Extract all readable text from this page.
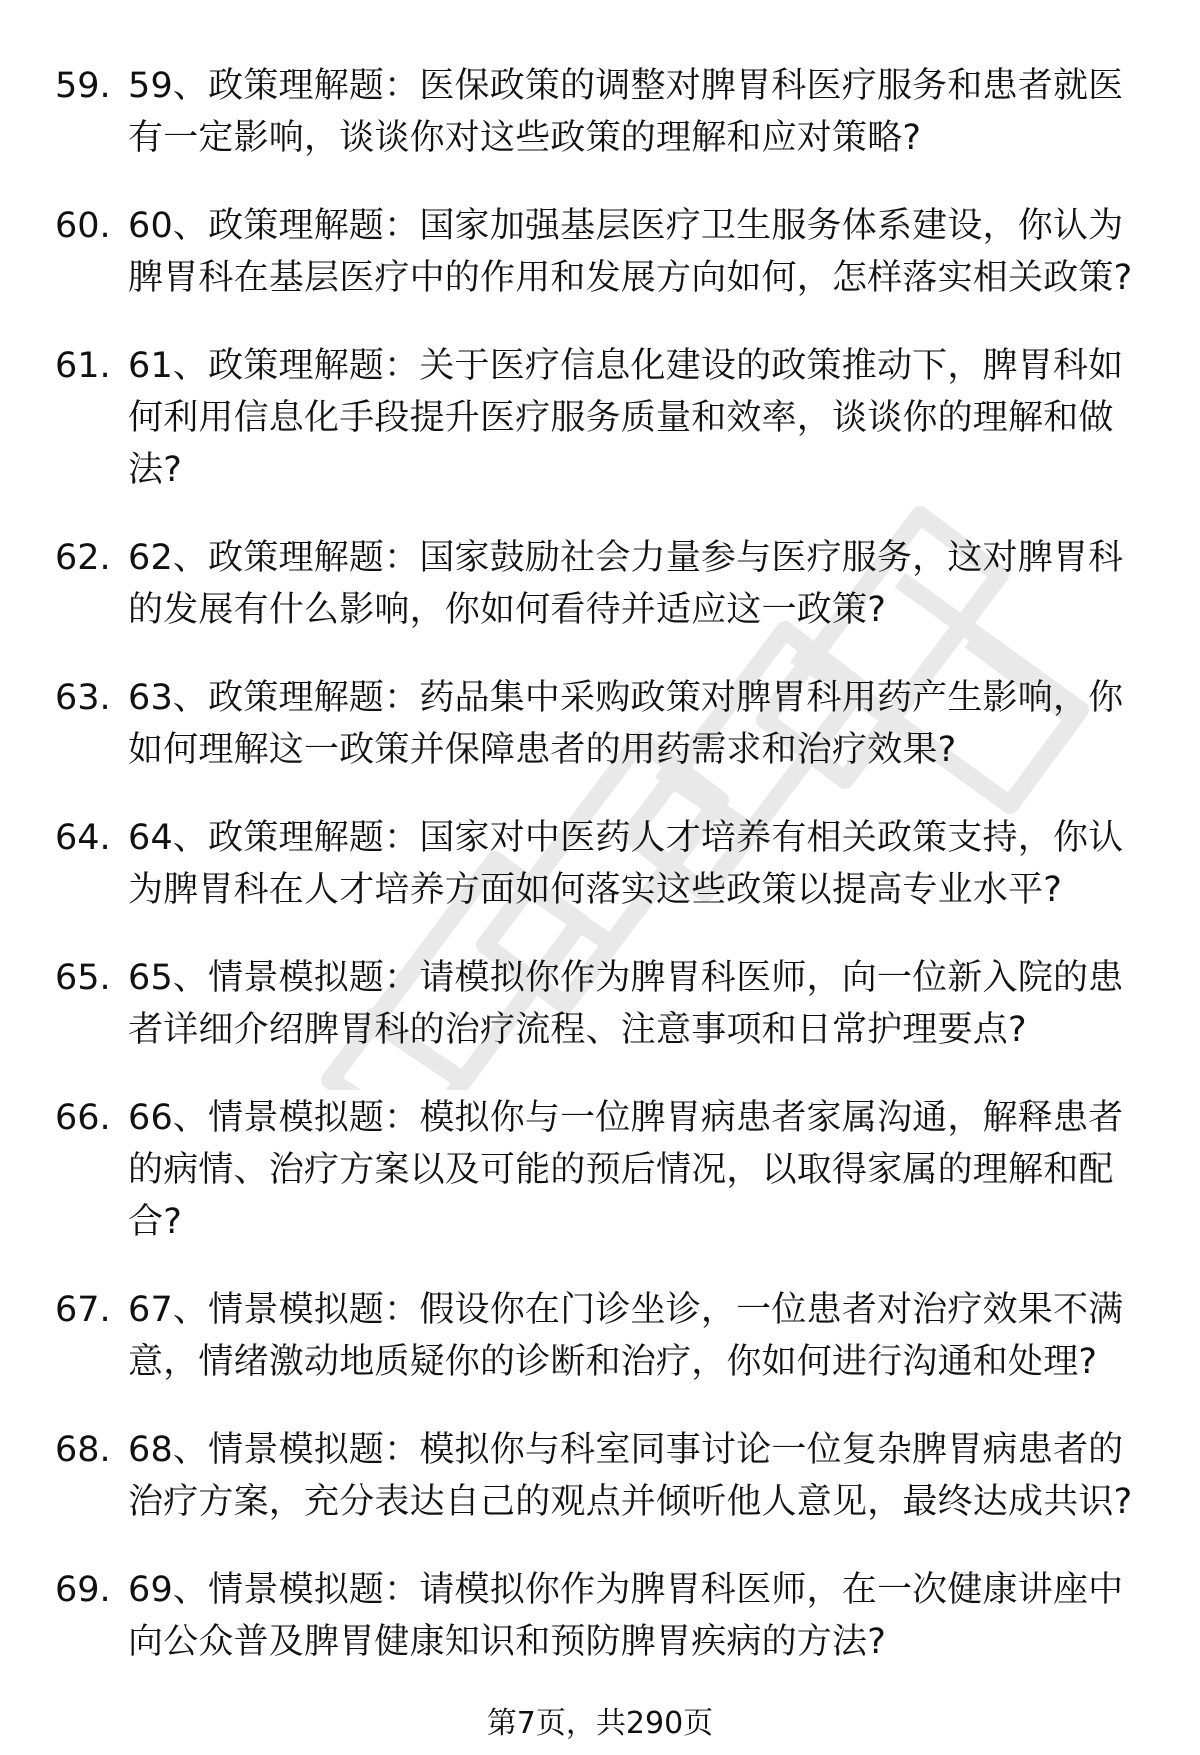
59. 59、政策理解题：医保政策的调整对脾胃科医疗服务和患者就医有一定影响，谈谈你对这些政策的理解和应对策略?
60. 60、政策理解题：国家加强基层医疗卫生服务体系建设，你认为脾胃科在基层医疗中的作用和发展方向如何，怎样落实相关政策?
61. 61、政策理解题：关于医疗信息化建设的政策推动下，脾胃科如何利用信息化手段提升医疗服务质量和效率，谈谈你的理解和做法?
62. 62、政策理解题：国家鼓励社会力量参与医疗服务，这对脾胃科的发展有什么影响，你如何看待并适应这一政策?
63. 63、政策理解题：药品集中采购政策对脾胃科用药产生影响，你如何理解这一政策并保障患者的用药需求和治疗效果?
64. 64、政策理解题：国家对中医药人才培养有相关政策支持，你认为脾胃科在人才培养方面如何落实这些政策以提高专业水平?
65. 65、情景模拟题：请模拟你作为脾胃科医师，向一位新入院的患者详细介绍脾胃科的治疗流程、注意事项和日常护理要点?
66. 66、情景模拟题：模拟你与一位脾胃病患者家属沟通，解释患者的病情、治疗方案以及可能的预后情况，以取得家属的理解和配合?
67. 67、情景模拟题：假设你在门诊坐诊，一位患者对治疗效果不满意，情绪激动地质疑你的诊断和治疗，你如何进行沟通和处理?
68. 68、情景模拟题：模拟你与科室同事讨论一位复杂脾胃病患者的治疗方案，充分表达自己的观点并倾听他人意见，最终达成共识?
69. 69、情景模拟题：请模拟你作为脾胃科医师，在一次健康讲座中向公众普及脾胃健康知识和预防脾胃疾病的方法?
第7页，共290页
